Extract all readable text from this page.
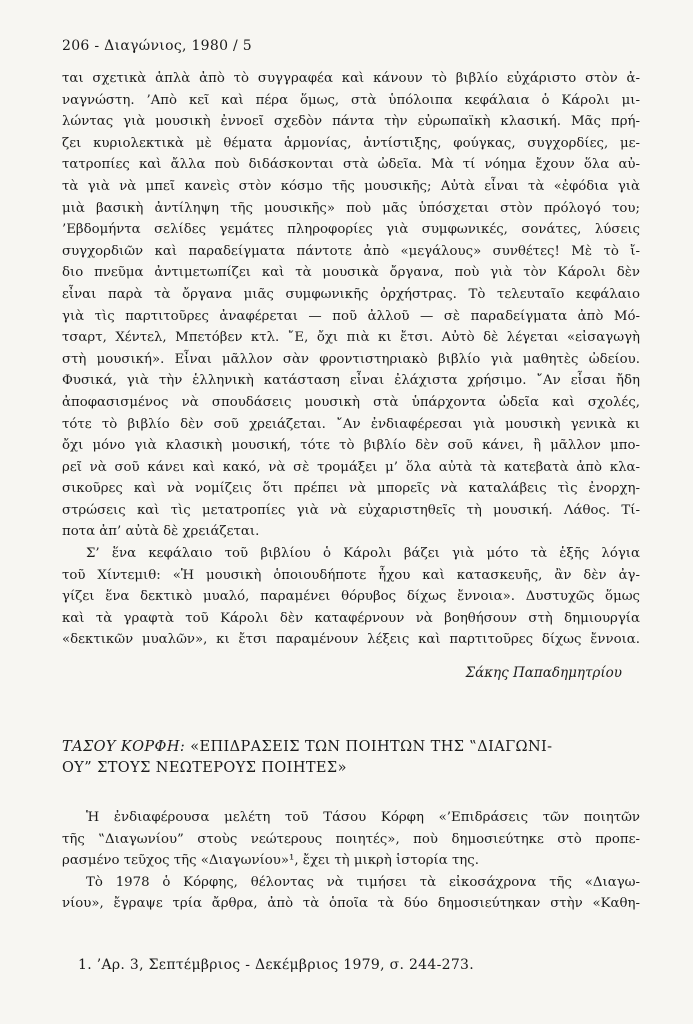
206 - Διαγώνιος, 1980 / 5
ται σχετικὰ ἁπλὰ ἀπὸ τὸ συγγραφέα καὶ κάνουν τὸ βιβλίο εὐχάριστο στὸν ἀ-
ναγνώστη. ’Απὸ κεῖ καὶ πέρα ὅμως, στὰ ὑπόλοιπα κεφάλαια ὁ Κάρολι μι-
λώντας γιὰ μουσικὴ ἐννοεῖ σχεδὸν πάντα τὴν εὐρωπαϊκὴ κλασική. Μᾶς πρή-
ζει κυριολεκτικὰ μὲ θέματα ἁρμονίας, ἀντίστιξης, φούγκας, συγχορδίες, με-
τατροπίες καὶ ἄλλα ποὺ διδάσκονται στὰ ὠδεῖα. Μὰ τί νόημα ἔχουν ὅλα αὐ-
τὰ γιὰ νὰ μπεῖ κανεὶς στὸν κόσμο τῆς μουσικῆς; Αὐτὰ εἶναι τὰ «ἐφόδια γιὰ
μιὰ βασικὴ ἀντίληψη τῆς μουσικῆς» ποὺ μᾶς ὑπόσχεται στὸν πρόλογό του;
’Εβδομήντα σελίδες γεμάτες πληροφορίες γιὰ συμφωνικές, σονάτες, λύσεις
συγχορδιῶν καὶ παραδείγματα πάντοτε ἀπὸ «μεγάλους» συνθέτες! Μὲ τὸ ἴ-
διο πνεῦμα ἀντιμετωπίζει καὶ τὰ μουσικὰ ὄργανα, ποὺ γιὰ τὸν Κάρολι δὲν
εἶναι παρὰ τὰ ὄργανα μιᾶς συμφωνικῆς ὀρχήστρας. Τὸ τελευταῖο κεφάλαιο
γιὰ τὶς παρτιτοῦρες ἀναφέρεται — ποῦ ἀλλοῦ — σὲ παραδείγματα ἀπὸ Μό-
τσαρτ, Χέντελ, Μπετόβεν κτλ. ῎Ε, ὄχι πιὰ κι ἔτσι. Αὐτὸ δὲ λέγεται «εἰσαγωγὴ
στὴ μουσική». Εἶναι μᾶλλον σὰν φροντιστηριακὸ βιβλίο γιὰ μαθητὲς ὠδείου.
Φυσικά, γιὰ τὴν ἑλληνικὴ κατάσταση εἶναι ἐλάχιστα χρήσιμο. ῎Αν εἶσαι ἤδη
ἀποφασισμένος νὰ σπουδάσεις μουσικὴ στὰ ὑπάρχοντα ὠδεῖα καὶ σχολές,
τότε τὸ βιβλίο δὲν σοῦ χρειάζεται. ῎Αν ἐνδιαφέρεσαι γιὰ μουσικὴ γενικὰ κι
ὄχι μόνο γιὰ κλασικὴ μουσική, τότε τὸ βιβλίο δὲν σοῦ κάνει, ἢ μᾶλλον μπο-
ρεῖ νὰ σοῦ κάνει καὶ κακό, νὰ σὲ τρομάξει μ’ ὅλα αὐτὰ τὰ κατεβατὰ ἀπὸ κλα-
σικοῦρες καὶ νὰ νομίζεις ὅτι πρέπει νὰ μπορεῖς νὰ καταλάβεις τὶς ἐνορχη-
στρώσεις καὶ τὶς μετατροπίες γιὰ νὰ εὐχαριστηθεῖς τὴ μουσική. Λάθος. Τί-
ποτα ἀπ’ αὐτὰ δὲ χρειάζεται.
Σ’ ἕνα κεφάλαιο τοῦ βιβλίου ὁ Κάρολι βάζει γιὰ μότο τὰ ἑξῆς λόγια
τοῦ Χίντεμιθ: «Ἡ μουσικὴ ὁποιουδήποτε ἦχου καὶ κατασκευῆς, ἂν δὲν ἀγ-
γίζει ἕνα δεκτικὸ μυαλό, παραμένει θόρυβος δίχως ἔννοια». Δυστυχῶς ὅμως
καὶ τὰ γραφτὰ τοῦ Κάρολι δὲν καταφέρνουν νὰ βοηθήσουν στὴ δημιουργία
«δεκτικῶν μυαλῶν», κι ἔτσι παραμένουν λέξεις καὶ παρτιτοῦρες δίχως ἔννοια.
Σάκης Παπαδημητρίου
ΤΑΣΟΥ ΚΟΡΦΗ: «ΕΠΙΔΡΑΣΕΙΣ ΤΩΝ ΠΟΙΗΤΩΝ ΤΗΣ ‟ΔΙΑΓΩΝΙ-
ΟΥ” ΣΤΟΥΣ ΝΕΩΤΕΡΟΥΣ ΠΟΙΗΤΕΣ»
Ἡ ἐνδιαφέρουσα μελέτη τοῦ Τάσου Κόρφη «’Επιδράσεις τῶν ποιητῶν
τῆς ‟Διαγωνίου” στοὺς νεώτερους ποιητές», ποὺ δημοσιεύτηκε στὸ προπε-
ρασμένο τεῦχος τῆς «Διαγωνίου»¹, ἔχει τὴ μικρὴ ἱστορία της.
Τὸ 1978 ὁ Κόρφης, θέλοντας νὰ τιμήσει τὰ εἰκοσάχρονα τῆς «Διαγω-
νίου», ἔγραψε τρία ἄρθρα, ἀπὸ τὰ ὁποῖα τὰ δύο δημοσιεύτηκαν στὴν «Καθη-
1. ’Αρ. 3, Σεπτέμβριος - Δεκέμβριος 1979, σ. 244-273.
